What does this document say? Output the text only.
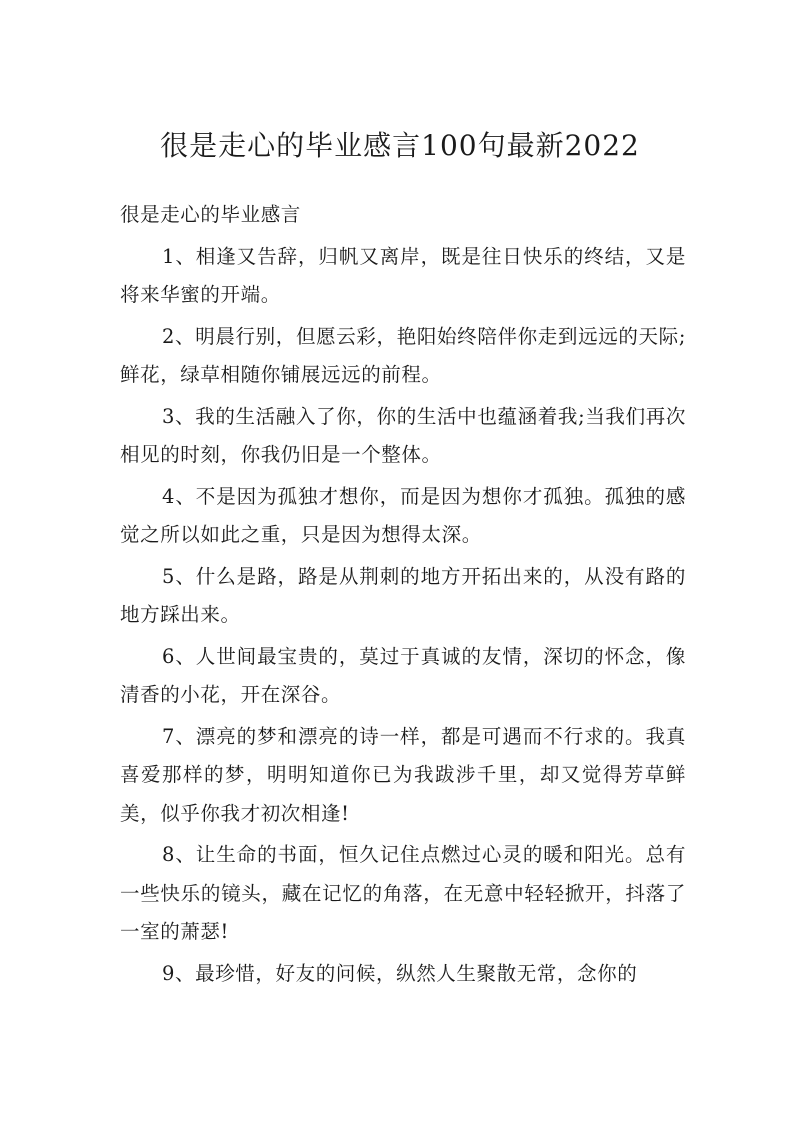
很是走心的毕业感言100句最新2022

很是走心的毕业感言

1、相逢又告辞，归帆又离岸，既是往日快乐的终结，又是将来华蜜的开端。

2、明晨行别，但愿云彩，艳阳始终陪伴你走到远远的天际;鲜花，绿草相随你铺展远远的前程。

3、我的生活融入了你，你的生活中也蕴涵着我;当我们再次相见的时刻，你我仍旧是一个整体。

4、不是因为孤独才想你，而是因为想你才孤独。孤独的感觉之所以如此之重，只是因为想得太深。

5、什么是路，路是从荆刺的地方开拓出来的，从没有路的地方踩出来。

6、人世间最宝贵的，莫过于真诚的友情，深切的怀念，像清香的小花，开在深谷。

7、漂亮的梦和漂亮的诗一样，都是可遇而不行求的。我真喜爱那样的梦，明明知道你已为我跋涉千里，却又觉得芳草鲜美，似乎你我才初次相逢!

8、让生命的书面，恒久记住点燃过心灵的暖和阳光。总有一些快乐的镜头，藏在记忆的角落，在无意中轻轻掀开，抖落了一室的萧瑟!

9、最珍惜，好友的问候，纵然人生聚散无常，念你的
